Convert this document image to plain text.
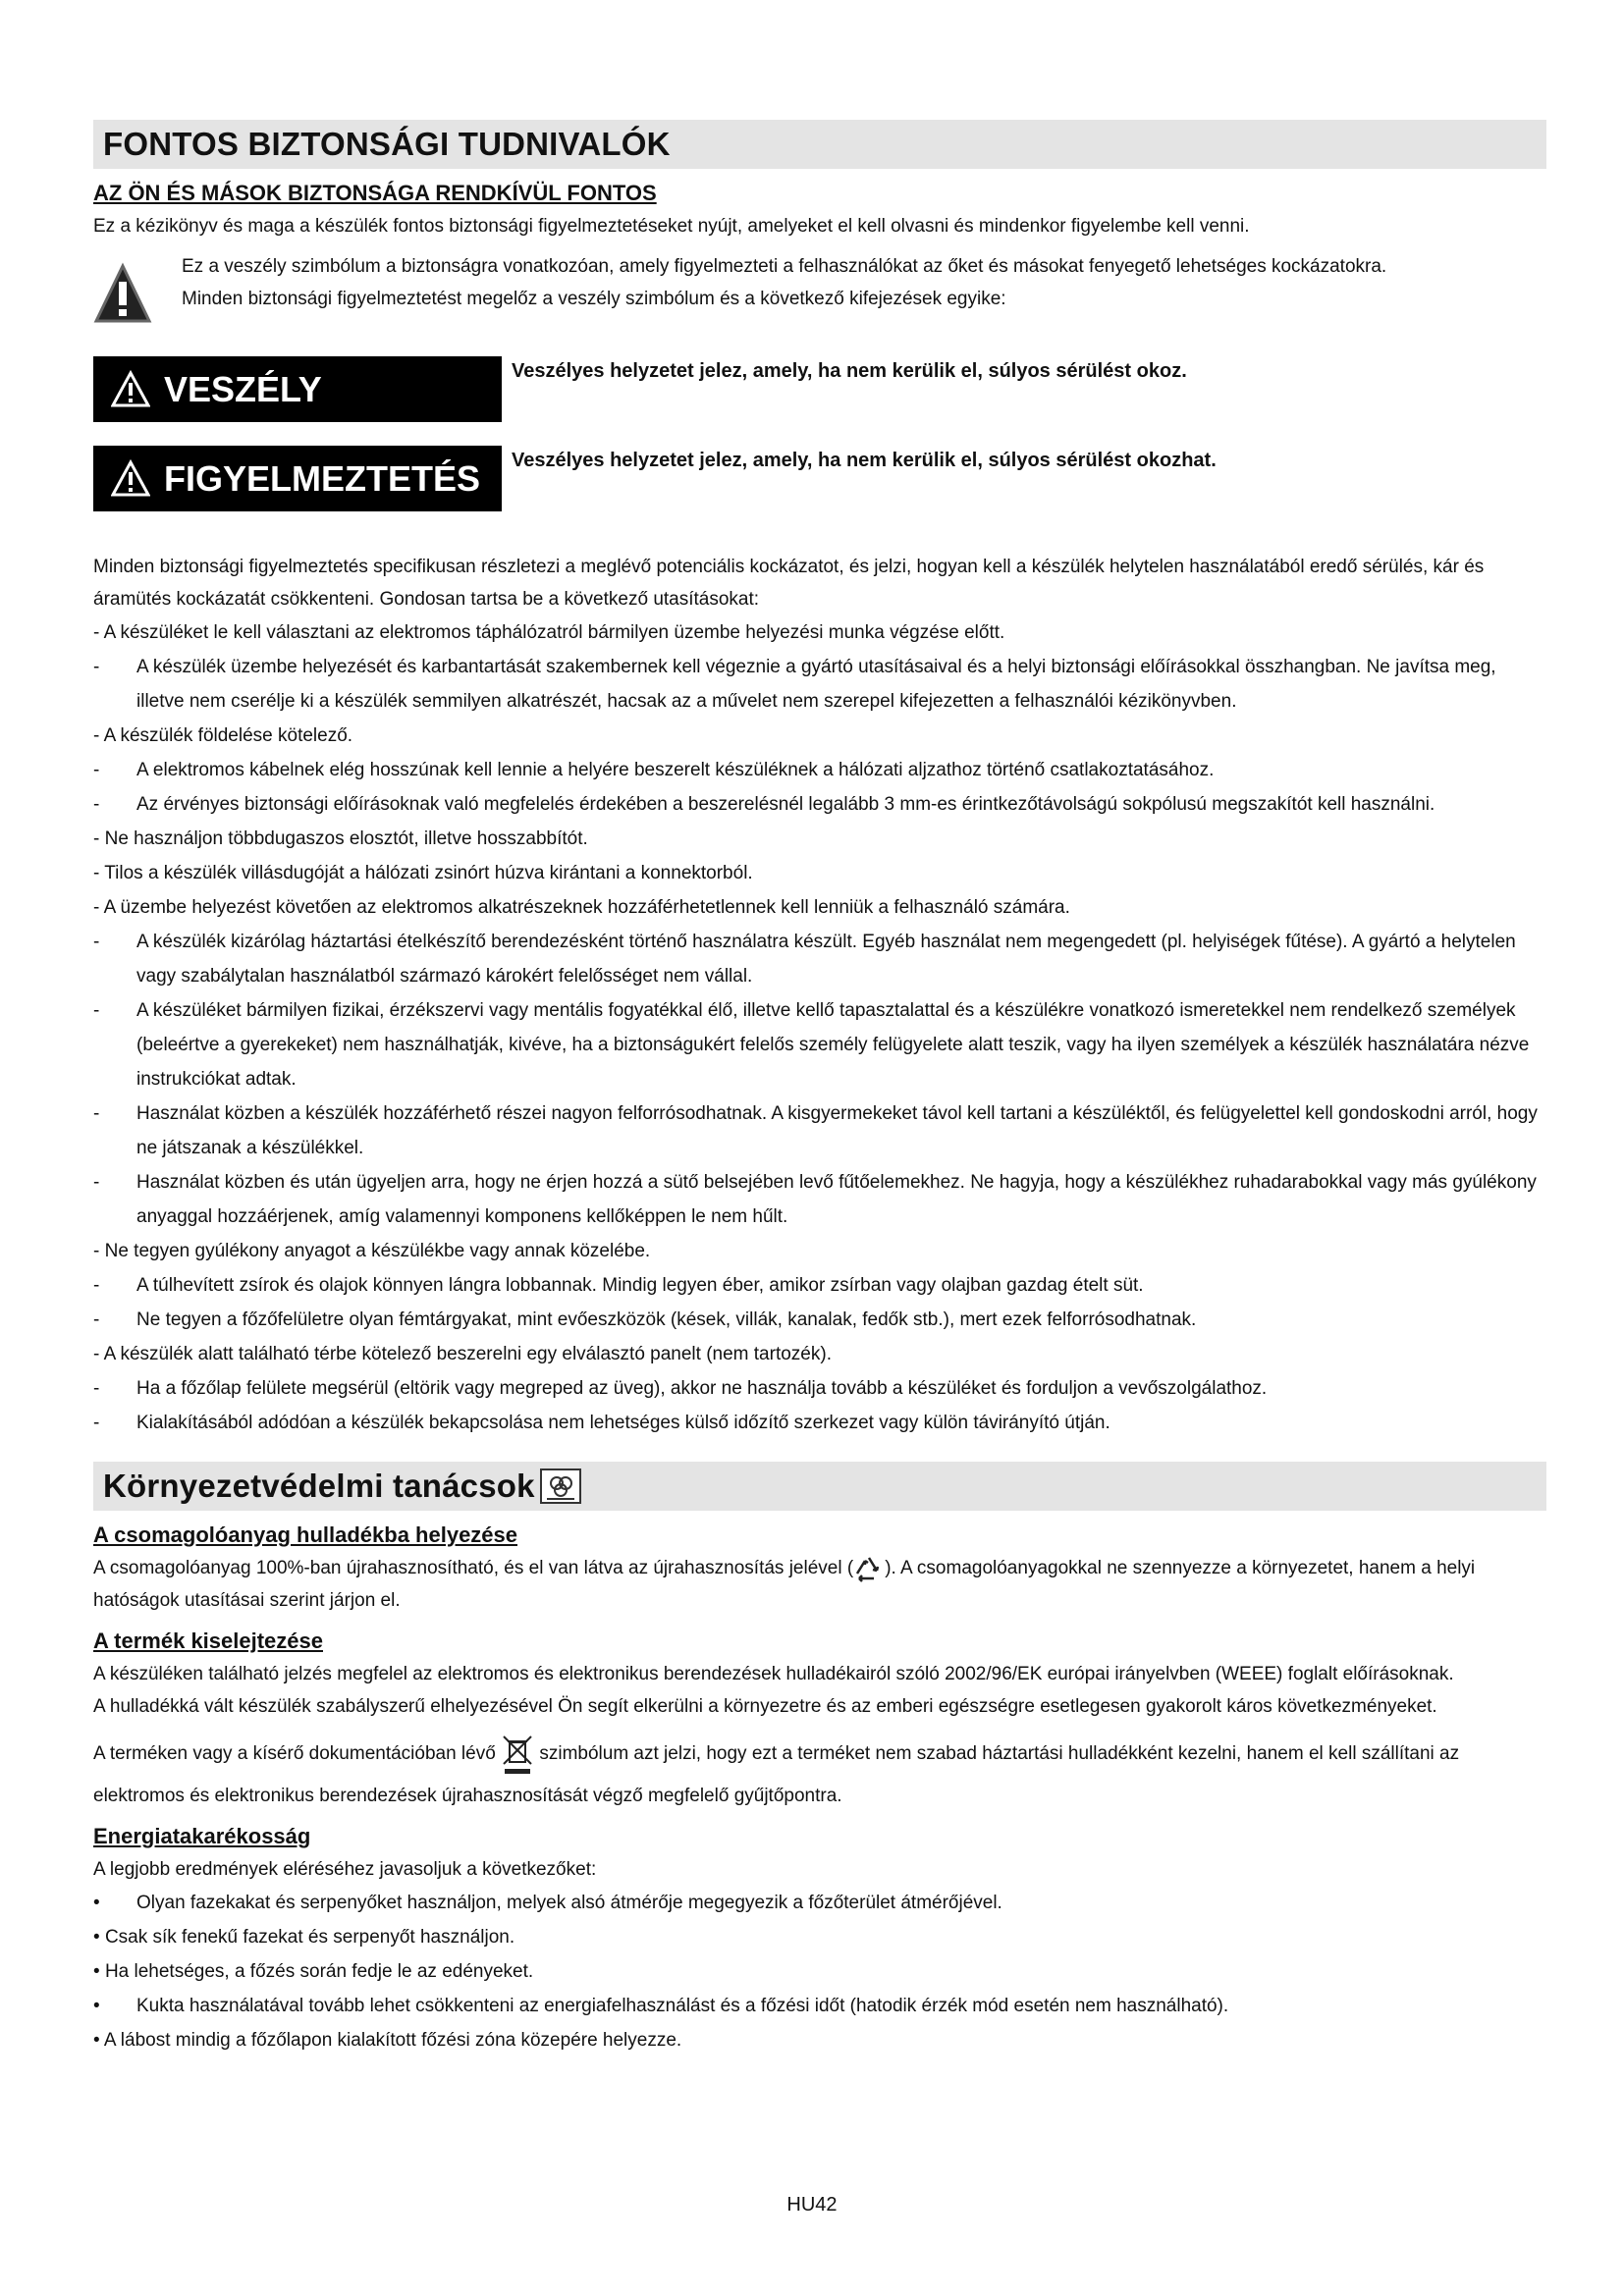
FONTOS BIZTONSÁGI TUDNIVALÓK
AZ ÖN ÉS MÁSOK BIZTONSÁGA RENDKÍVÜL FONTOS
Ez a kézikönyv és maga a készülék fontos biztonsági figyelmeztetéseket nyújt, amelyeket el kell olvasni és mindenkor figyelembe kell venni.
Ez a veszély szimbólum a biztonságra vonatkozóan, amely figyelmezteti a felhasználókat az őket és másokat fenyegető lehetséges kockázatokra.
Minden biztonsági figyelmeztetést megelőz a veszély szimbólum és a következő kifejezések egyike:
VESZÉLY	Veszélyes helyzetet jelez, amely, ha nem kerülik el, súlyos sérülést okoz.
FIGYELMEZTETÉS Veszélyes helyzetet jelez, amely, ha nem kerülik el, súlyos sérülést okozhat.
Minden biztonsági figyelmeztetés specifikusan részletezi a meglévő potenciális kockázatot, és jelzi, hogyan kell a készülék helytelen használatából eredő sérülés, kár és áramütés kockázatát csökkenteni. Gondosan tartsa be a következő utasításokat:
- A készüléket le kell választani az elektromos táphálózatról bármilyen üzembe helyezési munka végzése előtt.
- A készülék üzembe helyezését és karbantartását szakembernek kell végeznie a gyártó utasításaival és a helyi biztonsági előírásokkal összhangban. Ne javítsa meg, illetve nem cserélje ki a készülék semmilyen alkatrészét, hacsak az a művelet nem szerepel kifejezetten a felhasználói kézikönyvben.
- A készülék földelése kötelező.
- A elektromos kábelnek elég hosszúnak kell lennie a helyére beszerelt készüléknek a hálózati aljzathoz történő csatlakoztatásához.
- Az érvényes biztonsági előírásoknak való megfelelés érdekében a beszerelésnél legalább 3 mm-es érintkezőtávolságú sokpólusú megszakítót kell használni.
- Ne használjon többdugaszos elosztót, illetve hosszabbítót.
- Tilos a készülék villásdugóját a hálózati zsinórt húzva kirántani a konnektorból.
- A üzembe helyezést követően az elektromos alkatrészeknek hozzáférhetetlennek kell lenniük a felhasználó számára.
- A készülék kizárólag háztartási ételkészítő berendezésként történő használatra készült. Egyéb használat nem megengedett (pl. helyiségek fűtése). A gyártó a helytelen vagy szabálytalan használatból származó károkért felelősséget nem vállal.
- A készüléket bármilyen fizikai, érzékszervi vagy mentális fogyatékkal élő, illetve kellő tapasztalattal és a készülékre vonatkozó ismeretekkel nem rendelkező személyek (beleértve a gyerekeket) nem használhatják, kivéve, ha a biztonságukért felelős személy felügyelete alatt teszik, vagy ha ilyen személyek a készülék használatára nézve instrukciókat adtak.
- Használat közben a készülék hozzáférhető részei nagyon felforrósodhatnak. A kisgyermekeket távol kell tartani a készüléktől, és felügyelettel kell gondoskodni arról, hogy ne játszanak a készülékkel.
- Használat közben és után ügyeljen arra, hogy ne érjen hozzá a sütő belsejében levő fűtőelemekhez. Ne hagyja, hogy a készülékhez ruhadarabokkal vagy más gyúlékony anyaggal hozzáérjenek, amíg valamennyi komponens kellőképpen le nem hűlt.
- Ne tegyen gyúlékony anyagot a készülékbe vagy annak közelébe.
- A túlhevített zsírok és olajok könnyen lángra lobbannak. Mindig legyen éber, amikor zsírban vagy olajban gazdag ételt süt.
- Ne tegyen a főzőfelületre olyan fémtárgyakat, mint evőeszközök (kések, villák, kanalak, fedők stb.), mert ezek felforrósodhatnak.
- A készülék alatt található térbe kötelező beszerelni egy elválasztó panelt (nem tartozék).
- Ha a főzőlap felülete megsérül (eltörik vagy megreped az üveg), akkor ne használja tovább a készüléket és forduljon a vevőszolgálathoz.
- Kialakításából adódóan a készülék bekapcsolása nem lehetséges külső időzítő szerkezet vagy külön távirányító útján.
Környezetvédelmi tanácsok
A csomagolóanyag hulladékba helyezése
A csomagolóanyag 100%-ban újrahasznosítható, és el van látva az újrahasznosítás jelével ( ). A csomagolóanyagokkal ne szennyezze a környezetet, hanem a helyi hatóságok utasításai szerint járjon el.
A termék kiselejtezése
A készüléken található jelzés megfelel az elektromos és elektronikus berendezések hulladékairól szóló 2002/96/EK európai irányelvben (WEEE) foglalt előírásoknak.
A hulladékká vált készülék szabályszerű elhelyezésével Ön segít elkerülni a környezetre és az emberi egészségre esetlegesen gyakorolt káros következményeket.
A terméken vagy a kísérő dokumentációban lévő szimbólum azt jelzi, hogy ezt a terméket nem szabad háztartási hulladékként kezelni, hanem el kell szállítani az
elektromos és elektronikus berendezések újrahasznosítását végző megfelelő gyűjtőpontra.
Energiatakarékosság
A legjobb eredmények eléréséhez javasoljuk a következőket:
• Olyan fazekakat és serpenyőket használjon, melyek alsó átmérője megegyezik a főzőterület átmérőjével.
• Csak sík fenekű fazekat és serpenyőt használjon.
• Ha lehetséges, a főzés során fedje le az edényeket.
• Kukta használatával tovább lehet csökkenteni az energiafelhasználást és a főzési időt (hatodik érzék mód esetén nem használható).
• A lábost mindig a főzőlapon kialakított főzési zóna közepére helyezze.
HU42
